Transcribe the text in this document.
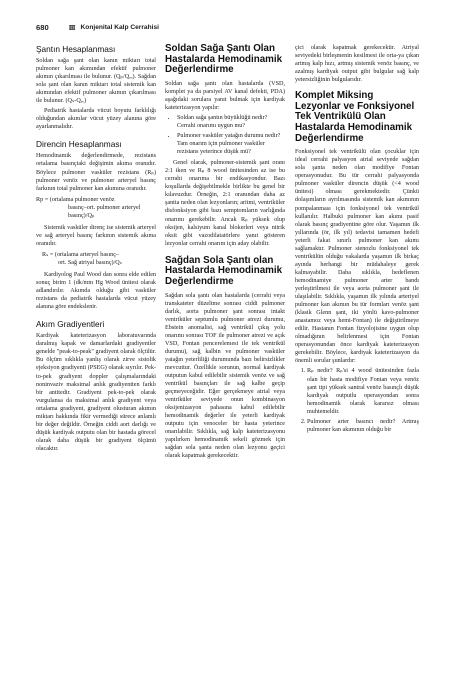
680	III Konjenital Kalp Cerrahisi
Şantın Hesaplanması

Soldan sağa şant olan kanın miktarı total pulmoner kan akımından efektif pulmoner akımın çıkarılması ile bulunur. (Qₚ/Qₑₒ). Sağdan sola şant olan kanın miktarı total sistemik kan akımından efektif pulmoner akımın çıkarılması ile bulunur. (Qₛ-Qₑₒ)

Pediatrik hastalarda vücut boyutu farklılığı olduğundan akımlar vücut yüzey alanına göre ayarlanmalıdır.

Direncin Hesaplanması

Hemodinamik değerlendirmede, rezistans ortalama basınçtaki değişimin akıma oranıdır. Böylece pulmoner vasküler rezistans (Rₚ) pulmoner venöz ve pulmoner arteryel basınç farkının total pulmoner kan akımına oranıdır.

Rp = (ortalama pulmoner venöz
basınç–ort. pulmoner arteryel
basınç)/Qₚ

Sistemik vasküler direnç ise sistemik arteryel ve sağ arteryel basınç farkının sistemik akıma oranıdır.

Rₛ = (ortalama arteryel basınç–
ort. Sağ atriyal basınç)/Qₛ

Kardiyolog Paul Wood dan sonra elde edilen sonuç birim 1 (dk/mm Hg Wood ünitesi olarak adlandırılır. Akımda olduğu gibi vasküler rezistans da pediatrik hastalarda vücut yüzey alanına göre endekslenir.

Akım Gradiyentleri

Kardiyak kateterizasyon laboratuvarında daralmış kapak ve damarlardaki gradiyentler genelde "peak-to-peak" gradiyent olarak ölçülür. Bu ölçüm sıklıkla yanlış olarak zirve sistolik ejeksiyon gradiyenti (PSEG) olarak sıyrılır. Pek-to-pek gradiyent doppler çalışmalarındaki noninvaziv maksimal anlık gradiyentten farklı bir antitedir. Gradiyent pek-to-pek olarak vurgulansa da maksimal anlık gradiyent veya ortalama gradiyent, gradiyent olusturan akımın miktarı hakkında fikir vermediği sürece anlamlı bir değer değildir. Örneğin ciddi aort darlığı ve düşük kardiyak outputu olan bir hastada görecel olarak daha düşük bir gradiyent ölçümü olacaktır.

Soldan Sağa Şantı Olan Hastalarda Hemodinamik Değerlendirme

Soldan sağa şantı olan hastalarda (VSD, komplet ya da parsiyel AV kanal defekti, PDA) aşağıdaki sorulara yanıt bulmak için kardiyak kateterizasyon yapılır:

• Soldan sağa şantın büyüklüğü nedir? Cerrahi onarımı uygun mu?
• Pulmoner vasküler yatağın durumu nedir? Tam onarım için pulmoner vasküler rezistans yeterince düşük mü?

Genel olarak, pulmoner-sistemik şant oranı 2:1 iken ve Rₚ 8 wood ünitesinden az ise bu cerrahi onarıma bir endikasyondur. Bazı koşullarda değişebilmekle birlikte bu genel bir kılavuzdur. Örneğin, 2:1 oranından daha az şantta neden olan lezyonların; aritmi, ventriküler disfonksiyon gibi bazı semptomların varlığında onarımı gerekebilir. Ancak Rₚ yüksek olup oksijen, kalsiyum kanal blokerleri veya nitrik oksit gibi vazodilatatörlere yanıt gösteren lezyonlar cerrahi onarım için aday olabilir.

Sağdan Sola Şantı olan Hastalarda Hemodinamik Değerlendirme

Sağdan sola şantı olan hastalarda (cerrahi veya transkateter düzeltme sonrası ciddi pulmoner darlık, aorta pulmoner şant sonrası intakt ventriküler septumlu pulmoner atrezi durumu, Ebstein anomalisi, sağ ventrikül çıkış yolu onarımı sonrası TOF ile pulmoner atrezi ve açık VSD, Fontan pencerelemesi ile tek ventrikül durumu), sağ kalbin ve pulmoner vasküler yatağın yeterliliği durumunda bazı belirsizlikler mevcuttur. Özellikle sorunun, normal kardiyak outputun kabul edilebilir sistemik venöz ve sağ ventrikül basınçları ile sağ kalbe geçip geçmeyeceğidir. Eğer gerçekmeye atrial veya ventriküler seviyede onun kombinasyon oksijenizasyon pahasına kabul edilebilir hemodinamik değerler ile yeterli kardiyak outputu için venoceler bir hasta yeterince onarılabilir. Sıklıkla, sağ kalp kateterizasyonu yapılırken hemodinamik sekeli gözmek için sağdan sola şanta neden olan lezyonu geçici olarak kapatmak gerekecektir.

çici olarak kapatmak gerekecektir. Atriyal seviyedeki birleşmenin kesilmesi ile orta-ya çıkan artmış kalp hızı, artmış sistemik venöz basınç, ve azalmış kardiyak output gibi bulgular sağ kalp yetersizliğinin bulgularıdır.

Komplet Miksing Lezyonlar ve Fonksiyonel Tek Ventrikülü Olan Hastalarda Hemodinamik Değerlendirme

Fonksiyonel tek ventrikülü olan çocuklar için ideal cerrahi palyasyon atrial seviyede sağdan sola şanta neden olan modifiye Fontan operasyonudur. Bu tür cerrahi palyasyonda pulmoner vasküler direncin düşük (<4 wood ünitesi) olması gerekmektedir. Çünkü dolaşımların ayrılmasında sistemik kan akımının pompalanması için fonksiyonel tek ventrikül kullanılır. Halbuki pulmoner kan akımı pasif olarak basınç gradiyentine göre olur. Yaşamın ilk yıllarında (ör, ilk yıl) tedavisi tamamen hedefi yeterli fakat sınırlı pulmoner kan akımı sağlamaktır. Pulmoner stenozlu fonksiyonel tek ventrikülün olduğu vakalarda yaşamın ilk birkaç ayında herhangi bir müdahaleye gerek kalmayabilir. Daha sıklıkla, hedeflenen hemodinamiye pulmoner arter bandı yerleştirilmesi ile veya aorta pulmoner şant ile ulaşılabilir. Sıklıkla, yaşamın ilk yılında arteriyel pulmoner kan akımın bu tür formları venöz şant (klasik Glenn şant, iki yönlü kavo-pulmoner anastamoz veya hemi-Fontan) ile değiştirilmeye edilir. Hastanın Fontan fizyolojisine uygun olup olmadığının belirlenmesi için Fontan operasyonundan önce kardiyak kateterizasyon gerekebilir. Böylece, kardiyak kateterizasyon da önemli sorular şunlardır:

1. Rₚ nedir? Rₚ'si 4 wood ünitesinden fazla olan bir hasta modifiye Fontan veya venöz şant tipi yüksek santral venöz basınçlı düşük kardiyak outputlu operasyondan sonra hemodinamik olarak kararsız olması muhtemeldir.
2. Pulmoner arter basıncı nedir? Artmış pulmoner kan akımının olduğu bir
